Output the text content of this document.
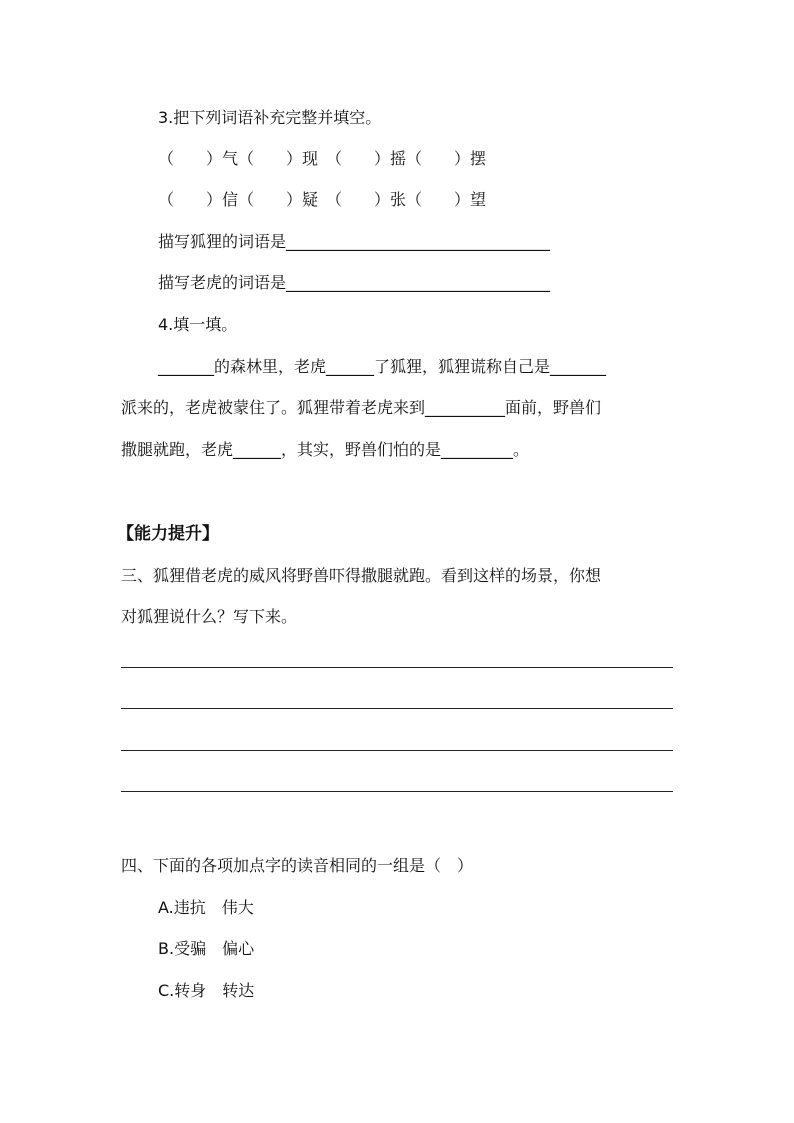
3.把下列词语补充完整并填空。
（　　）气（　　）现　（　　）摇（　　）摆
（　　）信（　　）疑　（　　）张（　　）望
描写狐狸的词语是_________________________________
描写老虎的词语是_________________________________
4.填一填。
_______的森林里，老虎______了狐狸，狐狸谎称自己是_______
派来的，老虎被蒙住了。狐狸带着老虎来到__________面前，野兽们
撒腿就跑，老虎______，其实，野兽们怕的是_________。
【能力提升】
三、狐狸借老虎的威风将野兽吓得撒腿就跑。看到这样的场景，你想
对狐狸说什么？写下来。
四、下面的各项加点字的读音相同的一组是（　）
A.违抗　伟大
B.受骗　偏心
C.转身　转达
